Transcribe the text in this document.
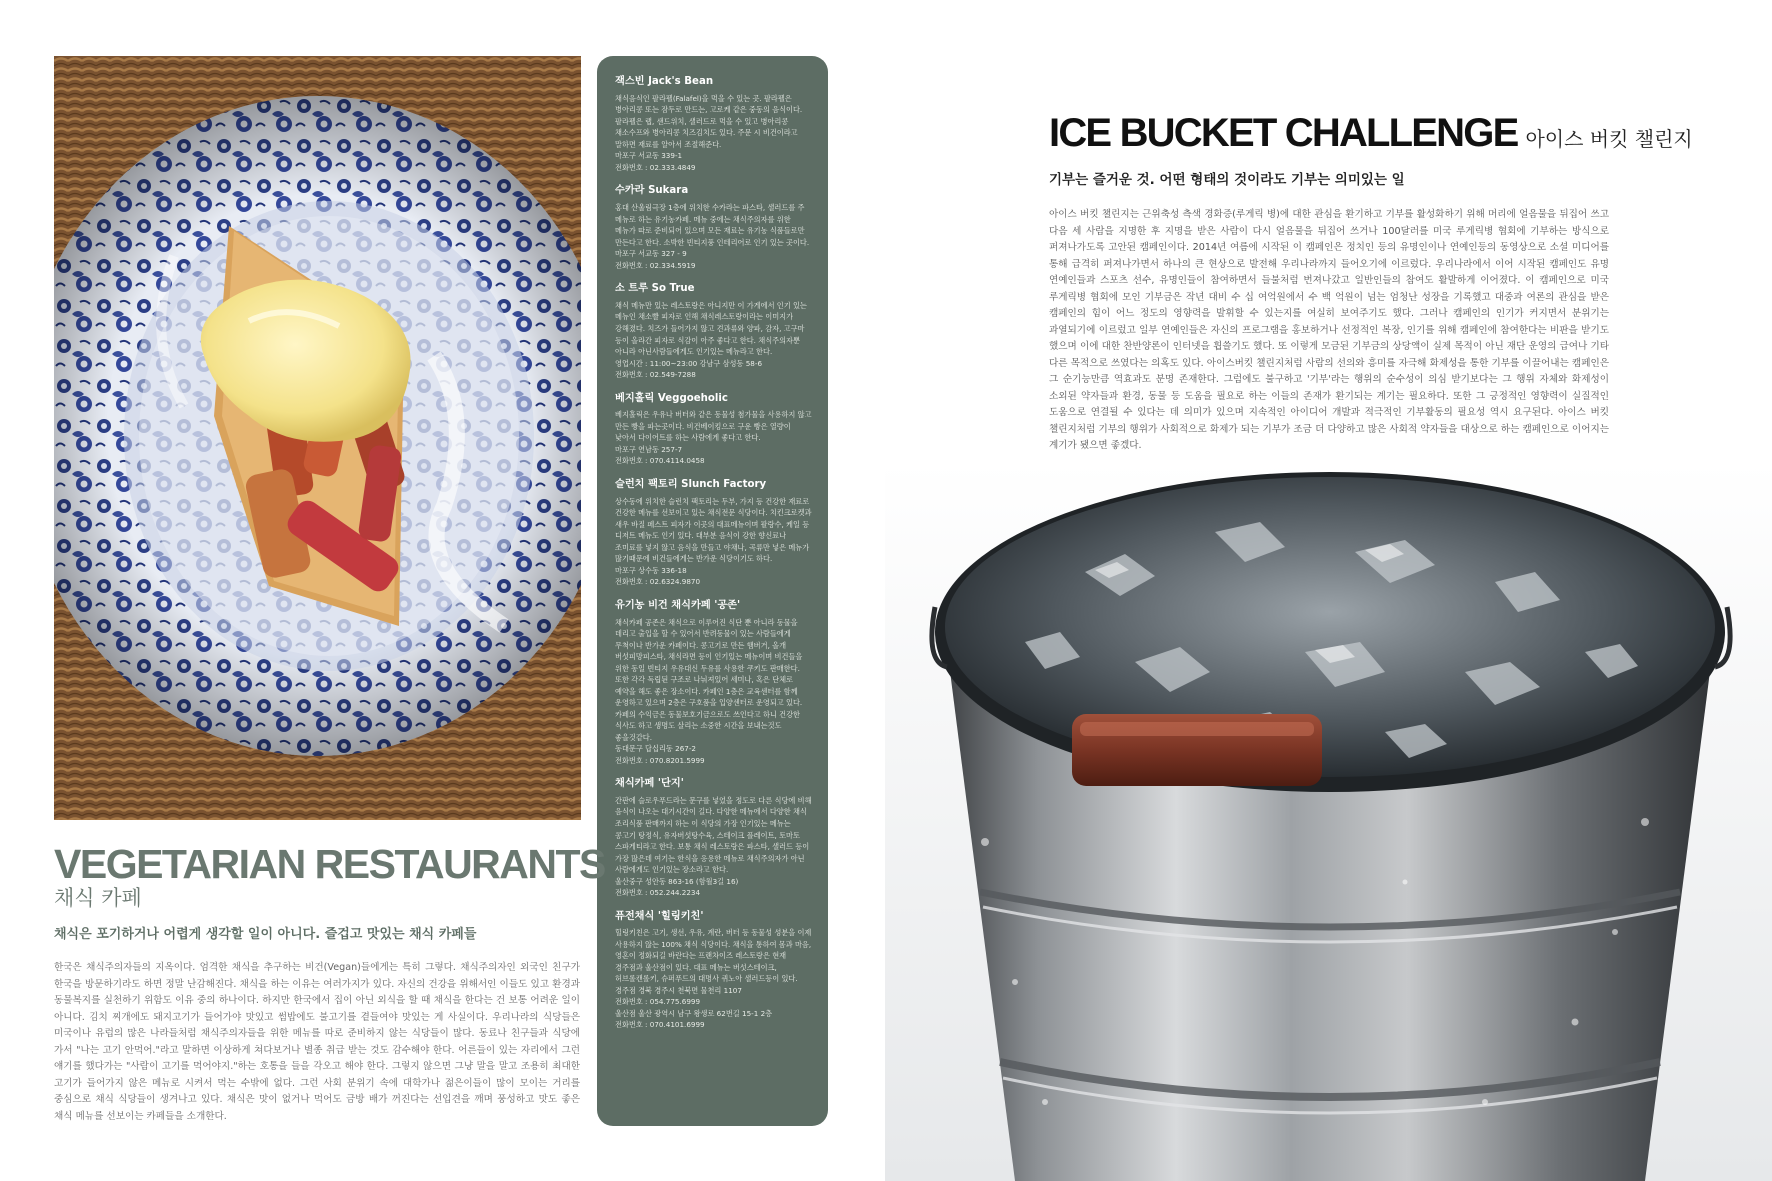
잭스빈 Jack's Bean
채식음식인 팔라펠(Falafel)을 먹을 수 있는 곳. 팔라펠은 병아리콩 또는 잠두로 만드는, 고로케 같은 중동의 음식이다. 팔라펠은 랩, 샌드위치, 샐러드로 먹을 수 있고 병아리콩 채소수프와 병아리콩 치즈김치도 있다. 주문 시 비건이라고 말하면 재료를 알아서 조절해준다.
마포구 서교동 339-1
전화번호 : 02.333.4849
수카라 Sukara
홍대 산울림극장 1층에 위치한 수카라는 파스타, 샐러드를 주 메뉴로 하는 유기농카페. 메뉴 중에는 채식주의자를 위한 메뉴가 따로 준비되어 있으며 모든 재료는 유기농 식품들로만 만든다고 한다. 소박한 빈티지풍 인테리어로 인기 있는 곳이다.
마포구 서교동 327 - 9
전화번호 : 02.334.5919
소 트루 So True
채식 메뉴만 있는 레스토랑은 아니지만 이 가게에서 인기 있는 메뉴인 채소빨 피자로 인해 채식레스토랑이라는 이미지가 강해졌다. 치즈가 들어가지 않고 견과류와 양파, 감자, 고구마 등이 올라간 피자로 식감이 아주 좋다고 한다. 채식주의자뿐 아니라 아닌사람들에게도 인기있는 메뉴라고 한다.
영업시간 : 11:00~23:00 강남구 삼성동 58-6
전화번호 : 02.549-7288
베지홀릭 Veggoeholic
베지홀릭은 우유나 버터와 같은 동물성 첨가물을 사용하지 않고 만든 빵을 파는곳이다. 비건베이킹으로 구운 빵은 열량이 낮아서 다이어트를 하는 사람에게 좋다고 한다.
마포구 연남동 257-7
전화번호 : 070.4114.0458
슬런치 팩토리 Slunch Factory
상수동에 위치한 슬런치 팩토리는 두부, 가지 등 건강한 재료로 건강한 메뉴를 선보이고 있는 채식전문 식당이다. 치킨크로켓과 새우 바질 페스트 피자가 이곳의 대표메뉴이며 팔랑수, 케일 등 디저트 메뉴도 인기 있다. 대부분 음식이 강한 향신료나 조미료를 넣지 않고 음식을 만들고 야채나, 곡류만 넣은 메뉴가 많기때문에 비건들에게는 반가운 식당이기도 하다.
마포구 상수동 336-18
전화번호 : 02.6324.9870
유기농 비건 채식카페 '공존'
채식카페 공존은 채식으로 이루어진 식단 뿐 아니라 동물을 데리고 출입을 할 수 있어서 반려동물이 있는 사람들에게 무척이나 반가운 카페이다. 콩고기로 만든 햄버거, 올개 버섯피망피스타, 채식라면 등이 인기있는 메뉴이며 비건들을 위한 동일 빈티지 우유대신 두유를 사용한 쿠키도 판매한다. 또한 각각 독립된 구조로 나눠져있어 세미나, 혹은 단체로 예약을 해도 좋은 장소이다. 카페인 1층은 교육센터를 함께 운영하고 있으며 2층은 구호품을 입양센터로 운영되고 있다. 카페의 수익금은 동물보호기금으로도 쓰인다고 하니 건강한 식사도 하고 생명도 살리는 소중한 시간을 보내는것도 좋을것같다.
동대문구 답십리동 267-2
전화번호 : 070.8201.5999
채식카페 '단지'
간판에 슬로우푸드라는 문구를 넣었을 정도로 다른 식당에 비해 음식이 나오는 대기시간이 길다. 다양한 메뉴에서 다양한 채식 조리식품 판매까지 하는 이 식당의 가장 인기있는 메뉴는 콩고기 탕정식, 유자버섯탕수육, 스테이크 플레이트, 토마토 스파게티라고 한다. 보통 채식 레스토랑은 파스타, 샐러드 등이 가장 많은데 여기는 한식을 응용한 메뉴로 채식주의자가 아닌 사람에게도 인기있는 장소라고 한다.
울산중구 성안동 863-16 (함월3길 16)
전화번호 : 052.244.2234
퓨전채식 '힐링키친'
힐링키친은 고기, 생선, 우유, 계란, 버터 등 동물성 성분을 이제 사용하지 않는 100% 채식 식당이다. 채식을 통하여 몸과 마음, 영혼이 정화되길 바란다는 프랜차이즈 레스토랑은 현재 경주점과 울산점이 있다. 대표 메뉴는 버섯스테이크, 허브롤캔롤키, 슈퍼푸드의 대명사 퀴노아 샐러드등이 있다.
경주점 경북 경주시 천북면 물천리 1107
전화번호 : 054.775.6999
울산점 울산 광역시 남구 왕생로 62번길 15-1 2층
전화번호 : 070.4101.6999
VEGETARIAN RESTAURANTS
채식 카페
채식은 포기하거나 어렵게 생각할 일이 아니다. 즐겁고 맛있는 채식 카페들
한국은 채식주의자들의 지옥이다. 엄격한 채식을 추구하는 비건(Vegan)들에게는 특히 그렇다. 채식주의자인 외국인 친구가 한국을 방문하기라도 하면 정말 난감해진다. 채식을 하는 이유는 여러가지가 있다. 자신의 건강을 위해서인 이들도 있고 환경과 동물복지를 실천하기 위함도 이유 중의 하나이다. 하지만 한국에서 집이 아닌 외식을 할 때 채식을 한다는 건 보통 어려운 일이 아니다. 김치 찌개에도 돼지고기가 들어가야 맛있고 썸밥에도 불고기를 곁들여야 맛있는 게 사실이다. 우리나라의 식당들은 미국이나 유럽의 많은 나라들처럼 채식주의자들을 위한 메뉴를 따로 준비하지 않는 식당들이 많다. 동료나 친구들과 식당에 가서 "나는 고기 안먹어."라고 말하면 이상하게 쳐다보거나 별종 취급 받는 것도 감수해야 한다. 어른들이 있는 자리에서 그런 얘기를 했다가는 "사람이 고기를 먹어야지."하는 호통을 들을 각오고 해야 한다. 그렇지 않으면 그냥 말을 말고 조용히 최대한 고기가 들어가지 않은 메뉴로 시켜서 먹는 수밖에 없다. 그런 사회 분위기 속에 대학가나 젊은이들이 많이 모이는 거리를 중심으로 채식 식당들이 생겨나고 있다. 채식은 맛이 없거나 먹어도 금방 배가 꺼진다는 선입견을 깨며 풍성하고 맛도 좋은 채식 메뉴를 선보이는 카페들을 소개한다.
ICE BUCKET CHALLENGE 아이스 버킷 챌린지
기부는 즐거운 것. 어떤 형태의 것이라도 기부는 의미있는 일
아이스 버킷 챌린지는 근위축성 측색 경화증(루게릭 병)에 대한 관심을 환기하고 기부를 활성화하기 위해 머리에 얼음물을 뒤집어 쓰고 다음 세 사람을 지명한 후 지명을 받은 사람이 다시 얼음물을 뒤집어 쓰거나 100달러를 미국 루게릭병 협회에 기부하는 방식으로 퍼져나가도록 고안된 캠페인이다. 2014년 여름에 시작된 이 캠페인은 정치인 등의 유명인이나 연예인등의 동영상으로 소셜 미디어를 통해 급격히 퍼져나가면서 하나의 큰 현상으로 발전해 우리나라까지 들어오기에 이르렀다. 우리나라에서 이어 시작된 캠페인도 유명 연예인들과 스포츠 선수, 유명인들이 참여하면서 들불처럼 번져나갔고 일반인들의 참여도 활발하게 이어졌다. 이 캠페인으로 미국 루게릭병 협회에 모인 기부금은 작년 대비 수 십 여억원에서 수 백 억원이 넘는 엄청난 성장을 기록했고 대중과 여론의 관심을 받은 캠페인의 힘이 어느 정도의 영향력을 발휘할 수 있는지를 여실히 보여주기도 했다. 그러나 캠페인의 인기가 커지면서 분위기는 과열되기에 이르렀고 일부 연예인들은 자신의 프로그램을 홍보하거나 선정적인 복장, 인기를 위해 캠페인에 참여한다는 비판을 받기도 했으며 이에 대한 찬반양론이 인터넷을 휩쓸기도 했다. 또 이렇게 모금된 기부금의 상당액이 실제 목적이 아닌 재단 운영의 급여나 기타 다른 목적으로 쓰였다는 의혹도 있다. 아이스버킷 챌린지처럼 사람의 선의와 흥미를 자극해 화제성을 통한 기부를 이끌어내는 캠페인은 그 순기능만큼 역효과도 분명 존재한다. 그럼에도 불구하고 '기부'라는 행위의 순수성이 의심 받기보다는 그 행위 자체와 화제성이 소외된 약자들과 환경, 동물 등 도움을 필요로 하는 이들의 존재가 환기되는 계기는 필요하다. 또한 그 긍정적인 영향력이 실질적인 도움으로 연결될 수 있다는 데 의미가 있으며 지속적인 아이디어 개발과 적극적인 기부활동의 필요성 역시 요구된다. 아이스 버킷 챌린지처럼 기부의 행위가 사회적으로 화제가 되는 기부가 조금 더 다양하고 많은 사회적 약자들을 대상으로 하는 캠페인으로 이어지는 계기가 됐으면 좋겠다.
